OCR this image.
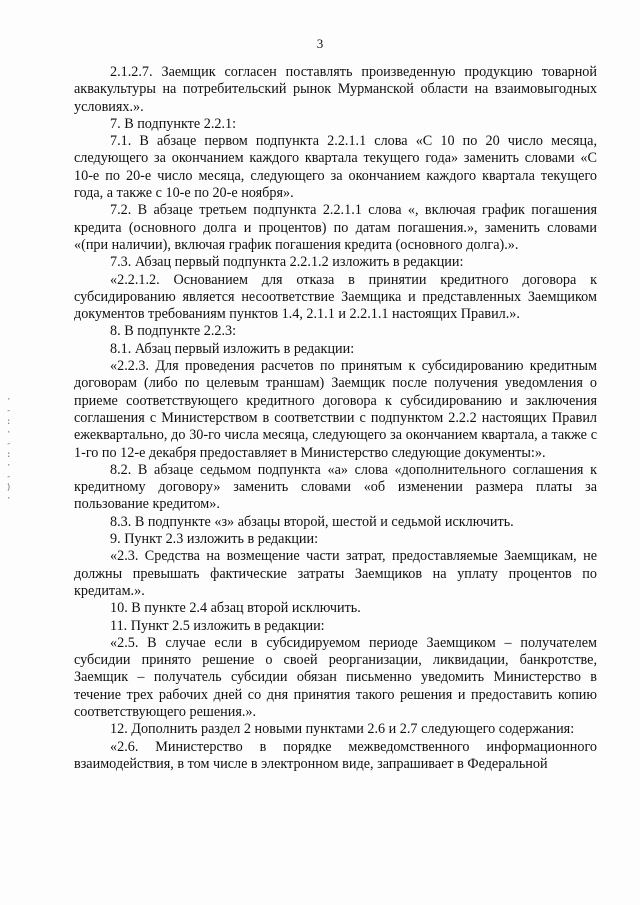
3
·
-
:
·
-
:
·
-
)
·

2.1.2.7. Заемщик согласен поставлять произведенную продукцию товарной аквакультуры на потребительский рынок Мурманской области на взаимовыгодных условиях.».

7. В подпункте 2.2.1:

7.1. В абзаце первом подпункта 2.2.1.1 слова «С 10 по 20 число месяца, следующего за окончанием каждого квартала текущего года» заменить словами «С 10-е по 20-е число месяца, следующего за окончанием каждого квартала текущего года, а также с 10-е по 20-е ноября».

7.2. В абзаце третьем подпункта 2.2.1.1 слова «, включая график погашения кредита (основного долга и процентов) по датам погашения.», заменить словами «(при наличии), включая график погашения кредита (основного долга).».

7.3. Абзац первый подпункта 2.2.1.2 изложить в редакции:

«2.2.1.2. Основанием для отказа в принятии кредитного договора к субсидированию является несоответствие Заемщика и представленных Заемщиком документов требованиям пунктов 1.4, 2.1.1 и 2.2.1.1 настоящих Правил.».

8. В подпункте 2.2.3:

8.1. Абзац первый изложить в редакции:

«2.2.3. Для проведения расчетов по принятым к субсидированию кредитным договорам (либо по целевым траншам) Заемщик после получения уведомления о приеме соответствующего кредитного договора к субсидированию и заключения соглашения с Министерством в соответствии с подпунктом 2.2.2 настоящих Правил ежеквартально, до 30-го числа месяца, следующего за окончанием квартала, а также с 1-го по 12-е декабря предоставляет в Министерство следующие документы:».

8.2. В абзаце седьмом подпункта «а» слова «дополнительного соглашения к кредитному договору» заменить словами «об изменении размера платы за пользование кредитом».

8.3. В подпункте «з» абзацы второй, шестой и седьмой исключить.

9. Пункт 2.3 изложить в редакции:

«2.3. Средства на возмещение части затрат, предоставляемые Заемщикам, не должны превышать фактические затраты Заемщиков на уплату процентов по кредитам.».

10. В пункте 2.4 абзац второй исключить.

11. Пункт 2.5 изложить в редакции:

«2.5. В случае если в субсидируемом периоде Заемщиком – получателем субсидии принято решение о своей реорганизации, ликвидации, банкротстве, Заемщик – получатель субсидии обязан письменно уведомить Министерство в течение трех рабочих дней со дня принятия такого решения и предоставить копию соответствующего решения.».

12. Дополнить раздел 2 новыми пунктами 2.6 и 2.7 следующего содержания:

«2.6. Министерство в порядке межведомственного информационного взаимодействия, в том числе в электронном виде, запрашивает в Федеральной
